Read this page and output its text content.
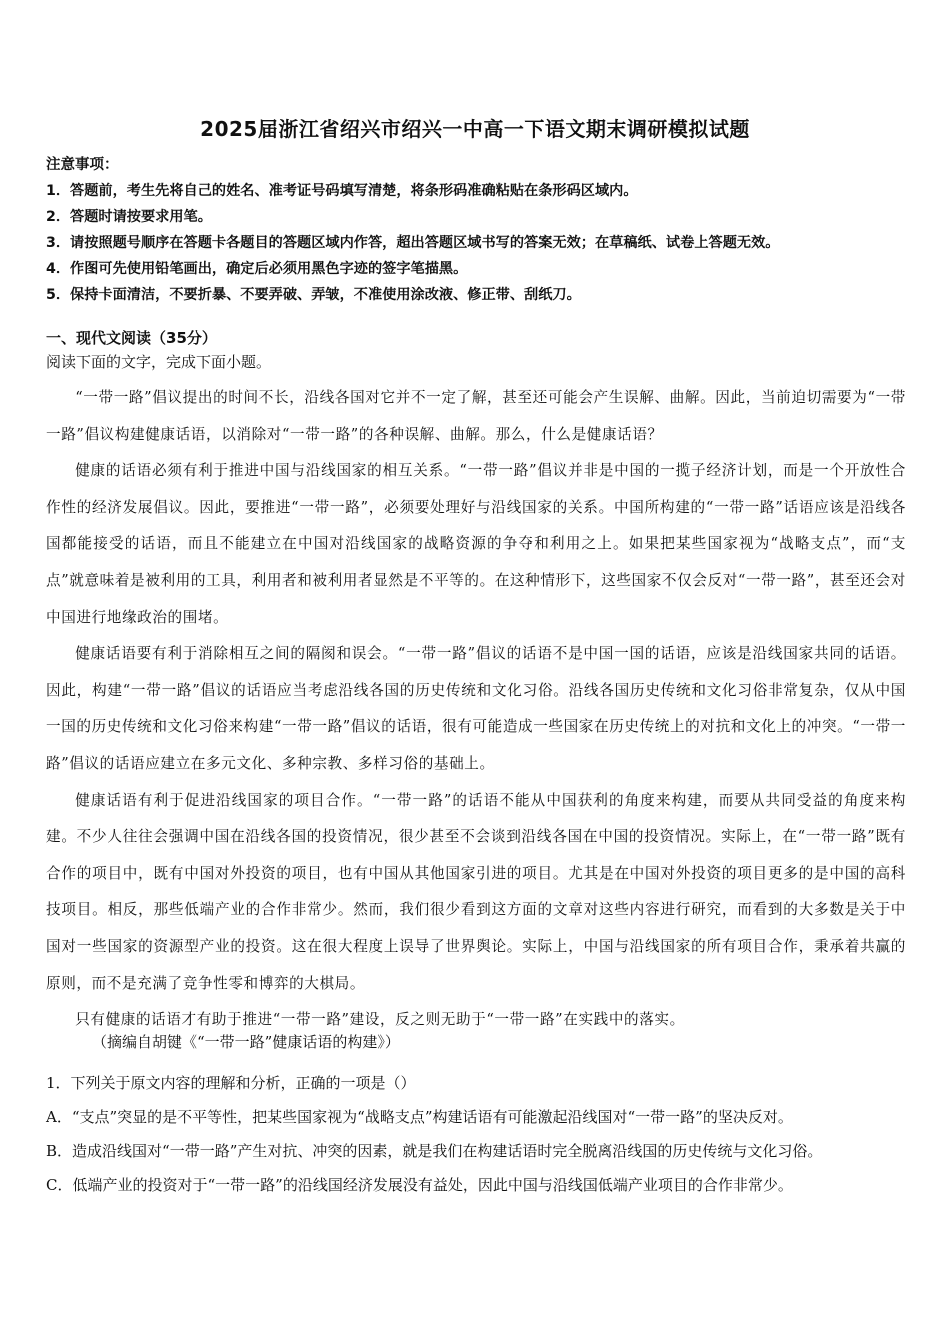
2025届浙江省绍兴市绍兴一中高一下语文期末调研模拟试题
注意事项：
1．答题前，考生先将自己的姓名、准考证号码填写清楚，将条形码准确粘贴在条形码区域内。
2．答题时请按要求用笔。
3．请按照题号顺序在答题卡各题目的答题区域内作答，超出答题区域书写的答案无效；在草稿纸、试卷上答题无效。
4．作图可先使用铅笔画出，确定后必须用黑色字迹的签字笔描黑。
5．保持卡面清洁，不要折暴、不要弄破、弄皱，不准使用涂改液、修正带、刮纸刀。
一、现代文阅读（35分）
阅读下面的文字，完成下面小题。

“一带一路”倡议提出的时间不长，沿线各国对它并不一定了解，甚至还可能会产生误解、曲解。因此，当前迫切需要为“一带一路”倡议构建健康话语，以消除对“一带一路”的各种误解、曲解。那么，什么是健康话语？

健康的话语必须有利于推进中国与沿线国家的相互关系。“一带一路”倡议并非是中国的一揽子经济计划，而是一个开放性合作性的经济发展倡议。因此，要推进“一带一路”，必须要处理好与沿线国家的关系。中国所构建的“一带一路”话语应该是沿线各国都能接受的话语，而且不能建立在中国对沿线国家的战略资源的争夺和利用之上。如果把某些国家视为“战略支点”，而“支点”就意味着是被利用的工具，利用者和被利用者显然是不平等的。在这种情形下，这些国家不仅会反对“一带一路”，甚至还会对中国进行地缘政治的围堵。

健康话语要有利于消除相互之间的隔阂和误会。“一带一路”倡议的话语不是中国一国的话语，应该是沿线国家共同的话语。因此，构建“一带一路”倡议的话语应当考虑沿线各国的历史传统和文化习俗。沿线各国历史传统和文化习俗非常复杂，仅从中国一国的历史传统和文化习俗来构建“一带一路”倡议的话语，很有可能造成一些国家在历史传统上的对抗和文化上的冲突。“一带一路”倡议的话语应建立在多元文化、多种宗教、多样习俗的基础上。

健康话语有利于促进沿线国家的项目合作。“一带一路”的话语不能从中国获利的角度来构建，而要从共同受益的角度来构建。不少人往往会强调中国在沿线各国的投资情况，很少甚至不会谈到沿线各国在中国的投资情况。实际上，在“一带一路”既有合作的项目中，既有中国对外投资的项目，也有中国从其他国家引进的项目。尤其是在中国对外投资的项目更多的是中国的高科技项目。相反，那些低端产业的合作非常少。然而，我们很少看到这方面的文章对这些内容进行研究，而看到的大多数是关于中国对一些国家的资源型产业的投资。这在很大程度上误导了世界舆论。实际上，中国与沿线国家的所有项目合作，秉承着共赢的原则，而不是充满了竞争性零和博弈的大棋局。

只有健康的话语才有助于推进“一带一路”建设，反之则无助于“一带一路”在实践中的落实。

（摘编自胡键《“一带一路”健康话语的构建》）

1．下列关于原文内容的理解和分析，正确的一项是（）

A．“支点”突显的是不平等性，把某些国家视为“战略支点”构建话语有可能激起沿线国对“一带一路”的坚决反对。

B．造成沿线国对“一带一路”产生对抗、冲突的因素，就是我们在构建话语时完全脱离沿线国的历史传统与文化习俗。

C．低端产业的投资对于“一带一路”的沿线国经济发展没有益处，因此中国与沿线国低端产业项目的合作非常少。
